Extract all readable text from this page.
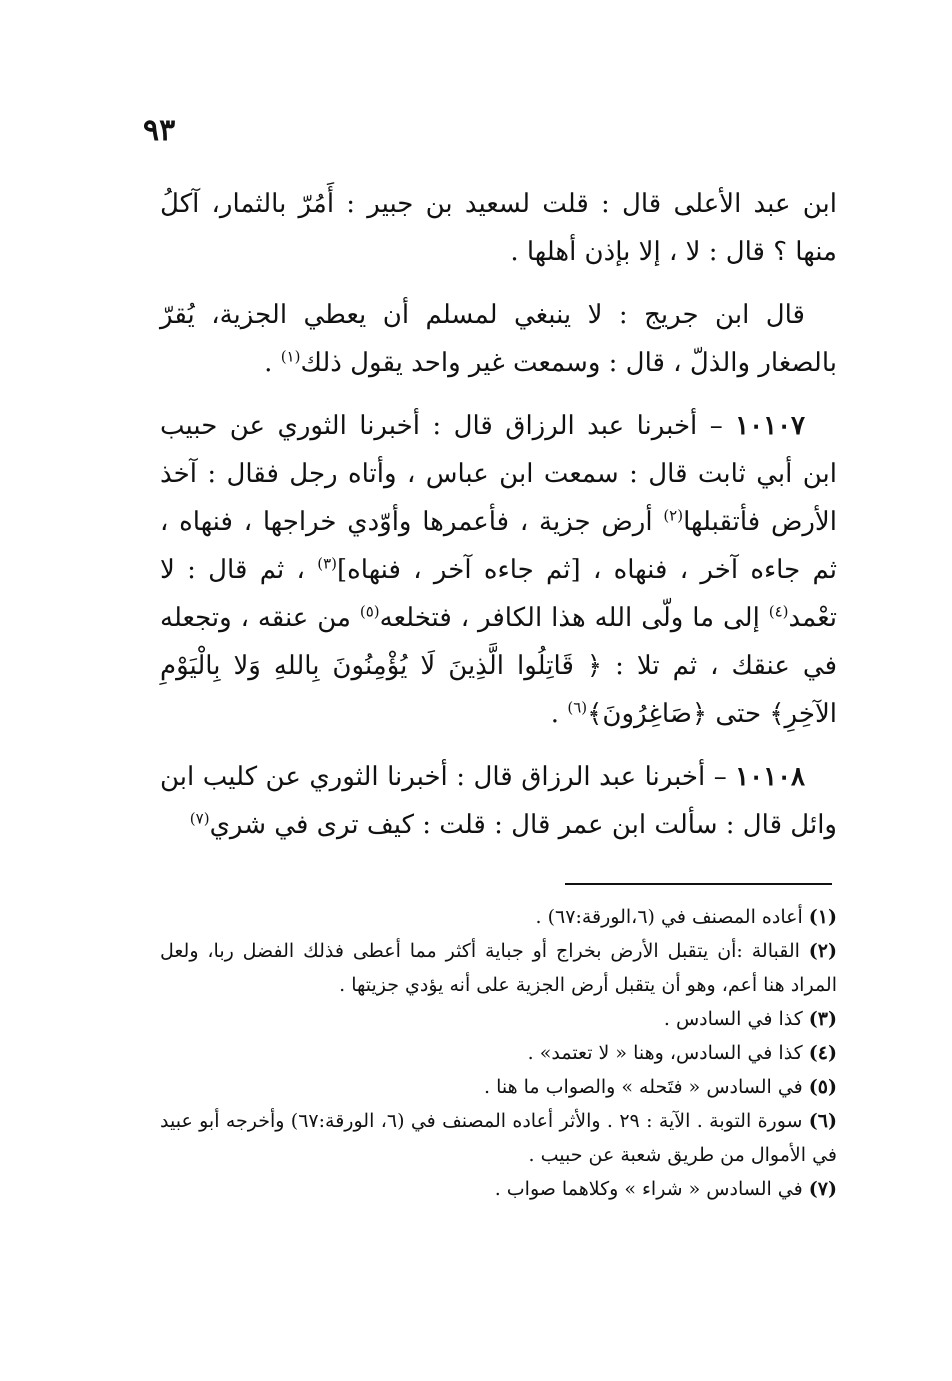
٩٣

ابن عبد الأعلى قال : قلت لسعيد بن جبير : أَمُرّ بالثمار، آكلُ منها ؟ قال : لا ، إلا بإذن أهلها .

قال ابن جريج : لا ينبغي لمسلم أن يعطي الجزية، يُقرّ بالصغار والذلّ ، قال : وسمعت غير واحد يقول ذلك$^{(١)}$ .

١٠١٠٧ – أخبرنا عبد الرزاق قال : أخبرنا الثوري عن حبيب ابن أبي ثابت قال : سمعت ابن عباس ، وأتاه رجل فقال : آخذ الأرض فأتقبلها$^{(٢)}$ أرض جزية ، فأعمرها وأوّدي خراجها ، فنهاه ، ثم جاءه آخر ، فنهاه ، [ثم جاءه آخر ، فنهاه]$^{(٣)}$ ، ثم قال : لا تعْمد$^{(٤)}$ إلى ما ولّى الله هذا الكافر ، فتخلعه$^{(٥)}$ من عنقه ، وتجعله في عنقك ، ثم تلا : ﴿ قَاتِلُوا الَّذِينَ لَا يُؤْمِنُونَ بِاللهِ وَلا بِالْيَوْمِ الآخِرِ﴾ حتى ﴿صَاغِرُونَ﴾$^{(٦)}$ .

١٠١٠٨ – أخبرنا عبد الرزاق قال : أخبرنا الثوري عن كليب ابن وائل قال : سألت ابن عمر قال : قلت : كيف ترى في شري$^{(٧)}$

(١) أعاده المصنف في (٦،الورقة:٦٧) .

(٢) القبالة :أن يتقبل الأرض بخراج أو جباية أكثر مما أعطى فذلك الفضل ربا، ولعل المراد هنا أعم، وهو أن يتقبل أرض الجزية على أنه يؤدي جزيتها .

(٣) كذا في السادس .

(٤) كذا في السادس، وهنا « لا تعتمد» .

(٥) في السادس « فتَحله » والصواب ما هنا .

(٦) سورة التوبة . الآية : ٢٩ . والأثر أعاده المصنف في (٦، الورقة:٦٧) وأخرجه أبو عبيد في الأموال من طريق شعبة عن حبيب .

(٧) في السادس « شراء » وكلاهما صواب .
